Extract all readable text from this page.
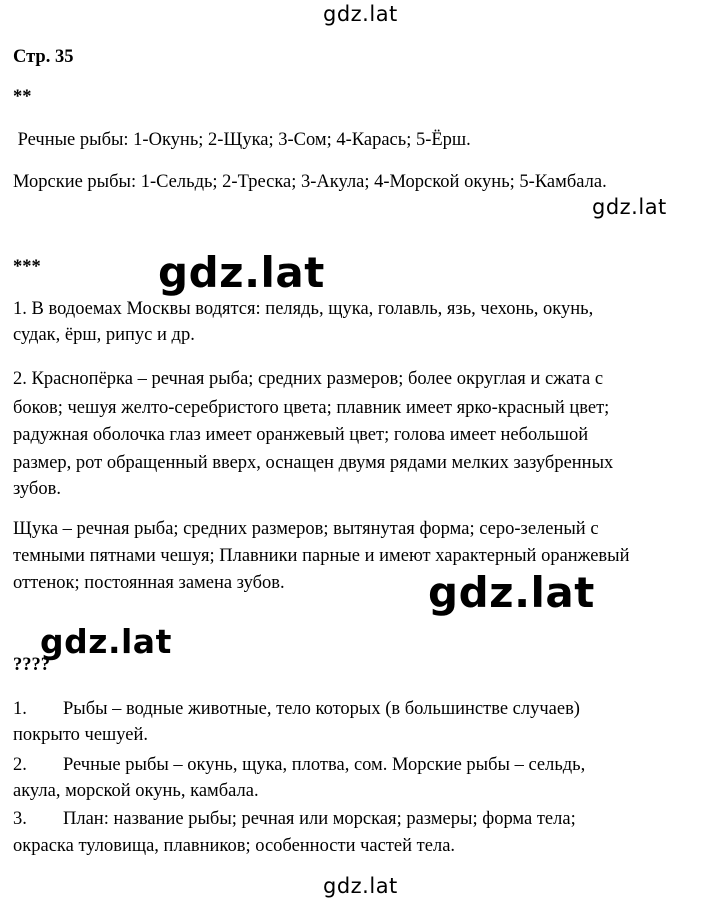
gdz.lat
gdz.lat
gdz.lat
gdz.lat
gdz.lat
gdz.lat
Стр. 35
**
Речные рыбы: 1-Окунь; 2-Щука; 3-Сом; 4-Карась; 5-Ёрш.
Морские рыбы: 1-Сельдь; 2-Треска; 3-Акула; 4-Морской окунь; 5-Камбала.
***
1. В водоемах Москвы водятся: пелядь, щука, голавль, язь, чехонь, окунь,
судак, ёрш, рипус и др.
2. Краснопёрка – речная рыба; средних размеров; более округлая и сжата с
боков; чешуя желто-серебристого цвета; плавник имеет ярко-красный цвет;
радужная оболочка глаз имеет оранжевый цвет; голова имеет небольшой
размер, рот обращенный вверх, оснащен двумя рядами мелких зазубренных
зубов.
Щука – речная рыба; средних размеров; вытянутая форма; серо-зеленый с
темными пятнами чешуя; Плавники парные и имеют характерный оранжевый
оттенок; постоянная замена зубов.
????
1. Рыбы – водные животные, тело которых (в большинстве случаев)
покрыто чешуей.
2. Речные рыбы – окунь, щука, плотва, сом. Морские рыбы – сельдь,
акула, морской окунь, камбала.
3. План: название рыбы; речная или морская; размеры; форма тела;
окраска туловища, плавников; особенности частей тела.
